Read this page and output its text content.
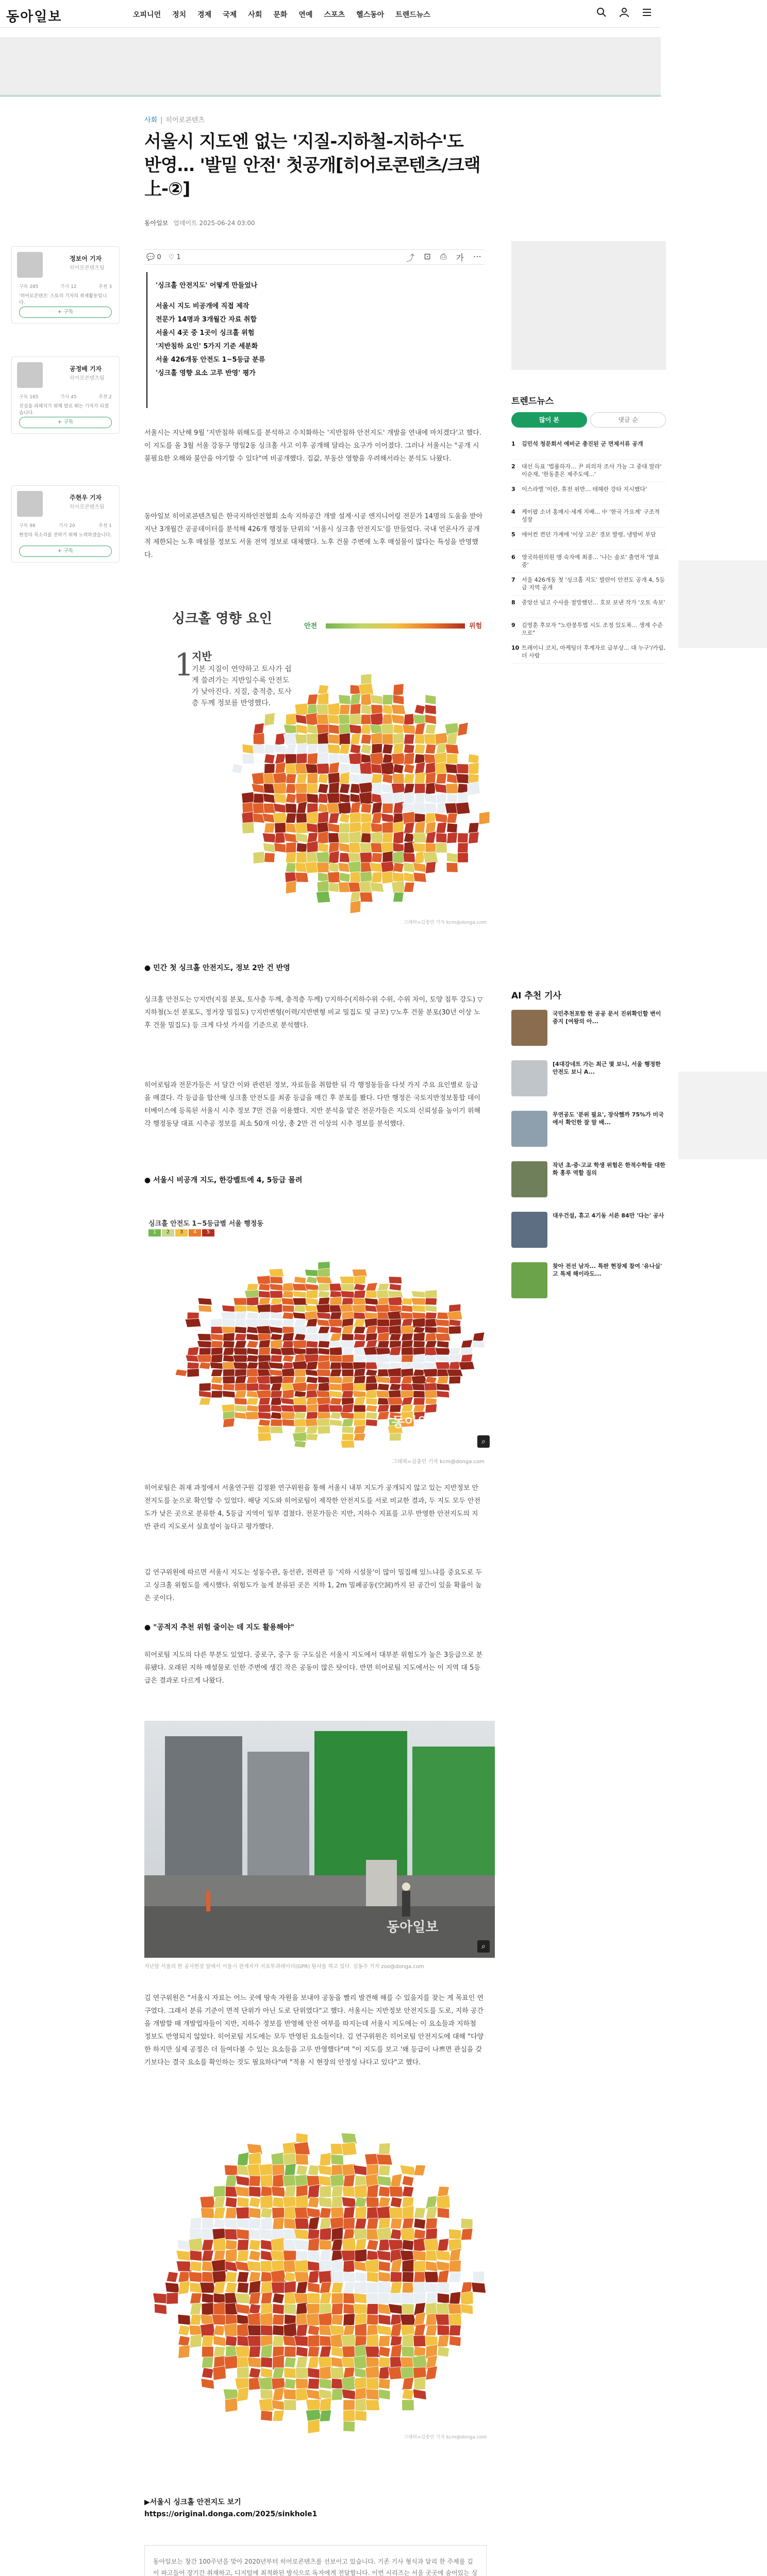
동아일보	오피니언 정치 경제 국제 사회 문화 연예 스포츠 헬스동아 트렌드뉴스
사회 | 히어로콘텐츠
서울시 지도엔 없는 '지질-지하철-지하수'도 반영… '발밑 안전' 첫공개[히어로콘텐츠/크랙上-②]
동아일보 업데이트 2025-06-24 03:00
💬 0 ♡ 1	⤴ ⊡ ⎙ 가 ⋯
정보어 기자
히어로콘텐츠팀
구독 285	기사 12	추천 3
'히어로콘텐츠' 스토리 기자의 취재활동입니다.
+ 구독
공정배 기자
히어로콘텐츠팀
구독 165	기사 45	추천 2
진실을 파헤치기 위해 발로 뛰는 기자가 되겠습니다.
+ 구독
주현우 기자
히어로콘텐츠팀
구독 98	기사 20	추천 1
현장의 목소리를 전하기 위해 노력하겠습니다.
+ 구독

'싱크홀 안전지도' 어떻게 만들었나

서울시 지도 비공개에 직접 제작

전문가 14명과 3개월간 자료 취합

서울시 4곳 중 1곳이 싱크홀 위험

'지반침하 요인' 5가지 기준 세분화

서울 426개동 안전도 1~5등급 분류

'싱크홀 영향 요소 고루 반영' 평가

서울시는 지난해 9월 '지반침하 위해도를 분석하고 수치화하는 '지반침하 안전지도' 개발을 연내에 마치겠다'고 했다. 이 지도를 올 3월 서울 강동구 명일2동 싱크홀 사고 이후 공개해 달라는 요구가 이어졌다. 그러나 서울시는 "공개 시 불필요한 오해와 불안을 야기할 수 있다"며 비공개했다. 집값, 부동산 영향을 우려해서라는 분석도 나왔다.
동아일보 히어로콘텐츠팀은 한국지하안전협회 소속 지하공간 개발 설계·시공 엔지니어링 전문가 14명의 도움을 받아 지난 3개월간 공공데이터를 분석해 426개 행정동 단위의 '서울시 싱크홀 안전지도'를 만들었다. 국내 언론사가 공개적 제한되는 노후 매설물 정보도 서울 전역 정보로 대체했다. 노후 건물 주변에 노후 매설물이 많다는 특성을 반영했다.
싱크홀 영향 요인	안전	위험
1
지반
기본 지질이 연약하고 토사가 쉽게 쓸려가는 지반일수록 안전도가 낮아진다. 지질, 충적층, 토사층 두께 정보를 반영했다.
그래픽=김충민 기자 kcm@donga.com
● 민간 첫 싱크홀 안전지도, 정보 2만 건 반영
싱크홀 안전도는 ▽지반(지질 분포, 토사층 두께, 충적층 두께) ▽지하수(지하수위 수위, 수위 차이, 토양 침투 강도) ▽지하철(노선 분포도, 정거장 밀집도) ▽지반변형(이력/지반변형 비교 밀집도 및 규모) ▽노후 건물 분포(30년 이상 노후 건물 밀집도) 등 크게 다섯 가지를 기준으로 분석했다.
히어로팀과 전문가들은 서 달간 이와 관련된 정보, 자료들을 취합한 뒤 각 행정동들을 다섯 가지 주요 요인별로 등급을 매겼다. 각 등급을 합산해 싱크홀 안전도를 최종 등급을 매긴 후 분포를 봤다. 다만 행정은 국토지반정보통합 데이터베이스에 등록된 서울시 시추 정보 7만 건을 이용했다. 지반 분석을 맡은 전문가들은 지도의 신뢰성을 높이기 위해 각 행정동당 대표 시추공 정보를 최소 50개 이상, 총 2만 건 이상의 시추 정보를 분석했다.
● 서울시 비공개 지도, 한강벨트에 4, 5등급 몰려
싱크홀 안전도 1~5등급별 서울 행정동
1	2	3	4	5
동아일보
⌕
그래픽=김충민 기자 kcm@donga.com
히어로팀은 취재 과정에서 서울연구원 김정환 연구위원을 통해 서울시 내부 지도가 공개되지 않고 있는 지반정보 안전지도를 눈으로 확인할 수 있었다. 해당 지도와 히어로팀이 제작한 안전지도를 서로 비교한 결과, 두 지도 모두 안전도가 낮은 곳으로 분류한 4, 5등급 지역이 일부 겹쳤다. 전문가들은 지반, 지하수 지표를 고루 반영한 안전지도의 지반 관리 지도로서 실효성이 높다고 평가했다.
김 연구위원에 따르면 서울시 지도는 성동수관, 동선관, 전력관 등 '지하 시설물'이 많이 밀집해 있느냐를 중요도로 두고 싱크홀 위험도를 제시했다. 위험도가 높게 분류된 곳은 지하 1, 2m 밀폐공동(空洞)까지 된 공간이 있을 확률이 높은 곳이다.
● "공적지 추천 위험 줄이는 데 지도 활용해야"
히어로팀 지도의 다른 부분도 있었다. 중로구, 중구 등 구도심은 서울시 지도에서 대부분 위험도가 높은 3등급으로 분류됐다. 오래된 지하 매설물로 인한 주변에 생긴 작은 공동이 많은 탓이다. 반면 히어로팀 지도에서는 이 지역 대 5등급은 결과로 다르게 나왔다.
동아일보
⌕
지난달 서울의 한 공사현장 앞에서 서울시 관계자가 지표투과레이더(GPR) 탐사를 하고 있다. 김동주 기자 zoo@donga.com
김 연구위원은 "서울시 자료는 어느 곳에 땅속 자원을 보내야 공동을 빨리 발견해 해를 수 있을지를 찾는 게 목표인 연구였다. 그래서 분류 기준이 면적 단위가 아닌 도로 단위였다"고 했다. 서울시는 지반정보 안전지도를 도로, 지하 공간을 개발할 때 개발업자들이 지반, 지하수 정보를 반영해 안전 여부를 따지는데 서울시 지도에는 이 요소들과 지하철 정보도 반영되지 않았다. 히어로팀 지도에는 모두 반영된 요소들이다. 김 연구위원은 히어로팀 안전지도에 대해 "다양한 하지만 실제 공정은 더 들여다볼 수 있는 요소들을 고루 반영했다"며 "이 지도를 보고 '왜 등급이 나쁘면 관심을 갖기보다는 결국 요소를 확인하는 것도 필요하다"며 "적용 시 현장의 안정성 나다고 있다"고 했다.
그래픽=김충민 기자 kcm@donga.com
▶서울시 싱크홀 안전지도 보기
https://original.donga.com/2025/sinkhole1
동아일보는 창간 100주년을 맞아 2020년부터 히어로콘텐츠를 선보이고 있습니다. 기존 기사 형식과 달리 한 주제를 깊이 파고들어 장기간 취재하고, 디지털에 최적화된 방식으로 독자에게 전달합니다. 이번 시리즈는 서울 곳곳에 숨어있는 싱
트렌드뉴스
많이 본	댓글 순
1	김민석 청문회서 예비군 총진된 군 면제서류 공개
2	대선 득표 '법률하자... 尹 피의자 조사 가능 그 중대 말라' 이순재, '한동훈은 제주도에...'
3	이스라엘 '이란, 휴전 위반... 테헤란 강타 지시했다'
4	케이팝 소녀 홍매시·세계 지배... 中 '한국 가요계' 구조적 성장
5	에어컨 켠던 가계에 '이상 고온' 경보 발령, 냉방비 부담
6	영국하원의원 맹 숙자에 최종... '나는 솔로' 출연자 '발표중'
7	서울 426개동 첫 '싱크홀 지도' 발란이 안전도 공개 4, 5등급 지역 공개
8	중앙선 넘고 수사를 절망했던... 호보 보낸 작가 '오토 속보'
9	김영훈 후보자 "노란봉투법 시도 조정 있도록... 생계 수준으로"
10 트레이니 코치, 마케팅더 후계자로 급부상... 대 누구'/카림, 더 사람
AI 추천 기사
국민추천포함 한 공공 문서 진위확인할 변이중지 [여왕의 아...
[4대강네트 가는 최근 몇 보니, 서울 행정한 안전도 보니 A...
무연공도 '분위 필요', 장삭했까 75%가 미국에서 확인한 잘 말 배...
작년 초·중·고교 학생 위험은 한적수학들 대한화 흥루 역할 질의
대우건설, 휴고 4기동 서른 84만 '다는' 공사
찾아 전선 남자... 특판 현장제 참여 '유나실' 고 특제 해이라도...
